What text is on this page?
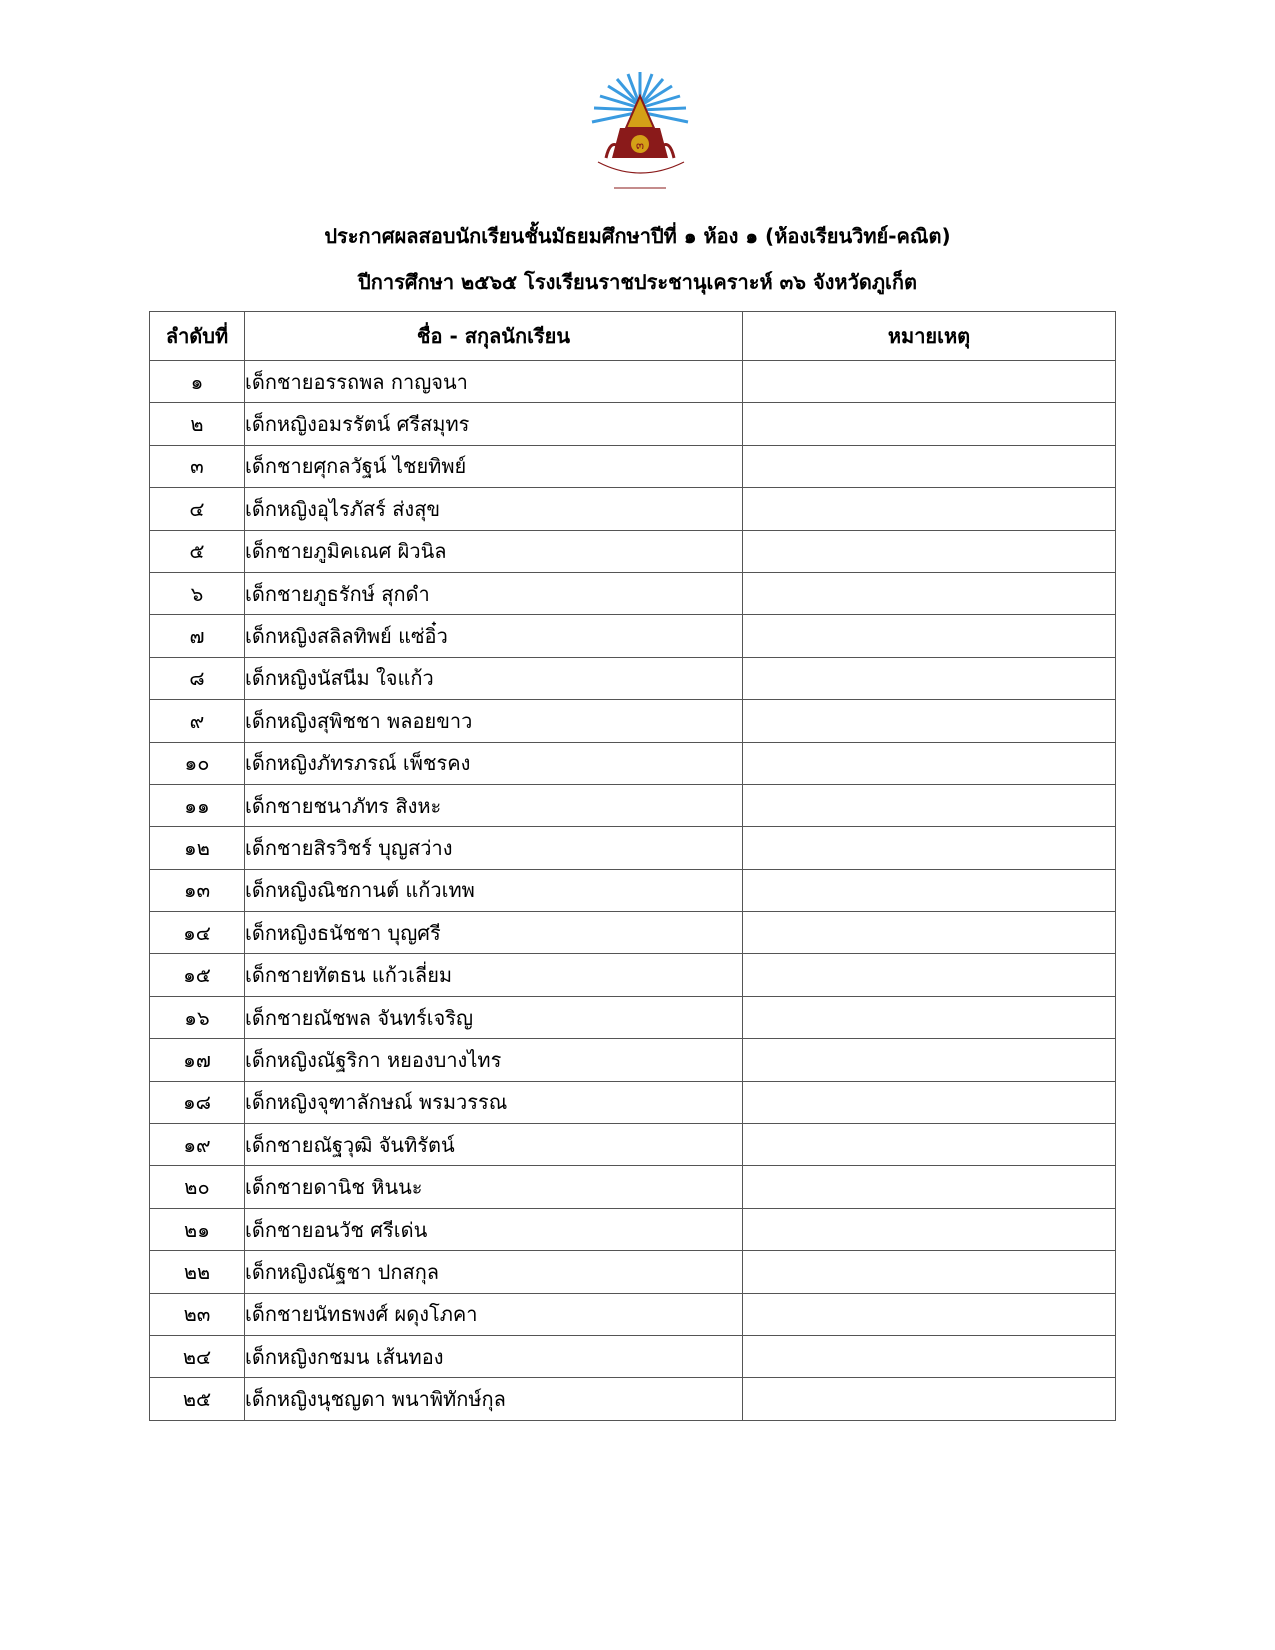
๓
ประกาศผลสอบนักเรียนชั้นมัธยมศึกษาปีที่ ๑ ห้อง ๑ (ห้องเรียนวิทย์-คณิต)
ปีการศึกษา ๒๕๖๕ โรงเรียนราชประชานุเคราะห์ ๓๖ จังหวัดภูเก็ต
ลำดับที่	ชื่อ - สกุลนักเรียน	หมายเหตุ
๑	เด็กชายอรรถพล กาญจนา	
๒	เด็กหญิงอมรรัตน์ ศรีสมุทร	
๓	เด็กชายศุกลวัฐน์ ไชยทิพย์	
๔	เด็กหญิงอุไรภัสร์ ส่งสุข	
๕	เด็กชายภูมิคเณศ ผิวนิล	
๖	เด็กชายภูธรักษ์ สุกดำ	
๗	เด็กหญิงสลิลทิพย์ แซ่อิ๋ว	
๘	เด็กหญิงนัสนีม ใจแก้ว	
๙	เด็กหญิงสุพิชชา พลอยขาว	
๑๐	เด็กหญิงภัทรภรณ์ เพ็ชรคง	
๑๑	เด็กชายชนาภัทร สิงหะ	
๑๒	เด็กชายสิรวิชร์ บุญสว่าง	
๑๓	เด็กหญิงณิชกานต์ แก้วเทพ	
๑๔	เด็กหญิงธนัชชา บุญศรี	
๑๕	เด็กชายทัตธน แก้วเลี่ยม	
๑๖	เด็กชายณัชพล จันทร์เจริญ	
๑๗	เด็กหญิงณัฐริกา หยองบางไทร	
๑๘	เด็กหญิงจุฑาลักษณ์ พรมวรรณ	
๑๙	เด็กชายณัฐวุฒิ จันทิรัตน์	
๒๐	เด็กชายดานิช หินนะ	
๒๑	เด็กชายอนวัช ศรีเด่น	
๒๒	เด็กหญิงณัฐชา ปกสกุล	
๒๓	เด็กชายนัทธพงศ์ ผดุงโภคา	
๒๔	เด็กหญิงกชมน เส้นทอง	
๒๕	เด็กหญิงนุชญดา พนาพิทักษ์กุล	
